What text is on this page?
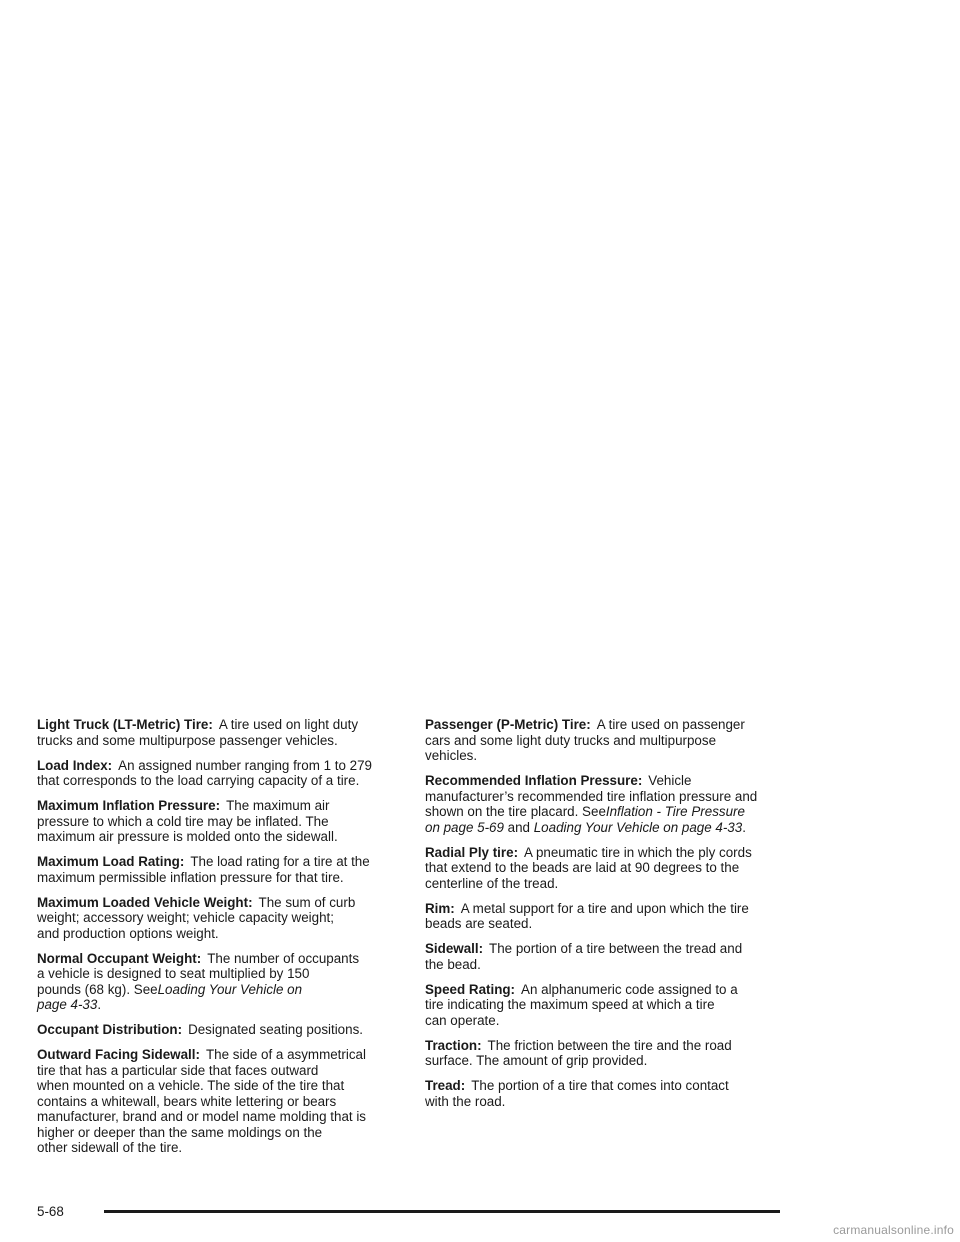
Light Truck (LT-Metric) Tire: A tire used on light duty
trucks and some multipurpose passenger vehicles.

Load Index: An assigned number ranging from 1 to 279
that corresponds to the load carrying capacity of a tire.

Maximum Inflation Pressure: The maximum air
pressure to which a cold tire may be inflated. The
maximum air pressure is molded onto the sidewall.

Maximum Load Rating: The load rating for a tire at the
maximum permissible inflation pressure for that tire.

Maximum Loaded Vehicle Weight: The sum of curb
weight; accessory weight; vehicle capacity weight;
and production options weight.

Normal Occupant Weight: The number of occupants
a vehicle is designed to seat multiplied by 150
pounds (68 kg). SeeLoading Your Vehicle on
page 4-33.

Occupant Distribution: Designated seating positions.

Outward Facing Sidewall: The side of a asymmetrical
tire that has a particular side that faces outward
when mounted on a vehicle. The side of the tire that
contains a whitewall, bears white lettering or bears
manufacturer, brand and or model name molding that is
higher or deeper than the same moldings on the
other sidewall of the tire.

Passenger (P-Metric) Tire: A tire used on passenger
cars and some light duty trucks and multipurpose
vehicles.

Recommended Inflation Pressure: Vehicle
manufacturer’s recommended tire inflation pressure and
shown on the tire placard. SeeInflation - Tire Pressure
on page 5-69 and Loading Your Vehicle on page 4-33.

Radial Ply tire: A pneumatic tire in which the ply cords
that extend to the beads are laid at 90 degrees to the
centerline of the tread.

Rim: A metal support for a tire and upon which the tire
beads are seated.

Sidewall: The portion of a tire between the tread and
the bead.

Speed Rating: An alphanumeric code assigned to a
tire indicating the maximum speed at which a tire
can operate.

Traction: The friction between the tire and the road
surface. The amount of grip provided.

Tread: The portion of a tire that comes into contact
with the road.

5-68
carmanualsonline.info
